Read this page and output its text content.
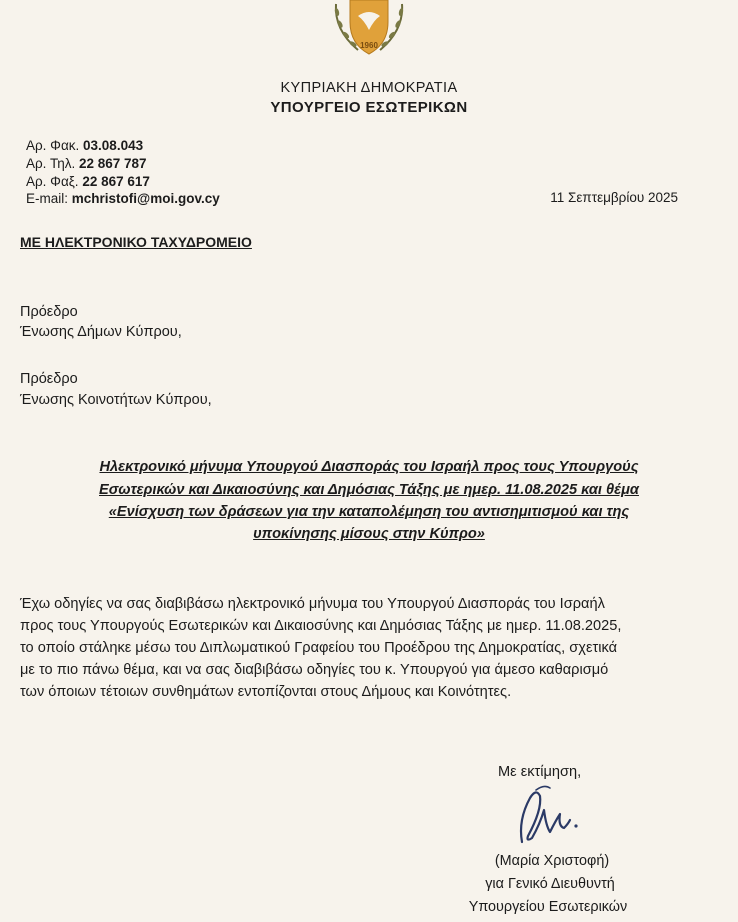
1960
ΚΥΠΡΙΑΚΗ ΔΗΜΟΚΡΑΤΙΑ
ΥΠΟΥΡΓΕΙΟ ΕΣΩΤΕΡΙΚΩΝ
Αρ. Φακ. 03.08.043
Αρ. Τηλ. 22 867 787
Αρ. Φαξ. 22 867 617
E-mail: mchristofi@moi.gov.cy	11 Σεπτεμβρίου 2025
ΜΕ ΗΛΕΚΤΡΟΝΙΚΟ ΤΑΧΥΔΡΟΜΕΙΟ
Πρόεδρο
Ένωσης Δήμων Κύπρου,
Πρόεδρο
Ένωσης Κοινοτήτων Κύπρου,
Ηλεκτρονικό μήνυμα Υπουργού Διασποράς του Ισραήλ προς τους Υπουργούς
Εσωτερικών και Δικαιοσύνης και Δημόσιας Τάξης με ημερ. 11.08.2025 και θέμα
«Ενίσχυση των δράσεων για την καταπολέμηση του αντισημιτισμού και της
υποκίνησης μίσους στην Κύπρο»
Έχω οδηγίες να σας διαβιβάσω ηλεκτρονικό μήνυμα του Υπουργού Διασποράς του Ισραήλ
προς τους Υπουργούς Εσωτερικών και Δικαιοσύνης και Δημόσιας Τάξης με ημερ. 11.08.2025,
το οποίο στάληκε μέσω του Διπλωματικού Γραφείου του Προέδρου της Δημοκρατίας, σχετικά
με το πιο πάνω θέμα, και να σας διαβιβάσω οδηγίες του κ. Υπουργού για άμεσο καθαρισμό
των όποιων τέτοιων συνθημάτων εντοπίζονται στους Δήμους και Κοινότητες.
Με εκτίμηση,
(Μαρία Χριστοφή)
για Γενικό Διευθυντή
Υπουργείου Εσωτερικών
